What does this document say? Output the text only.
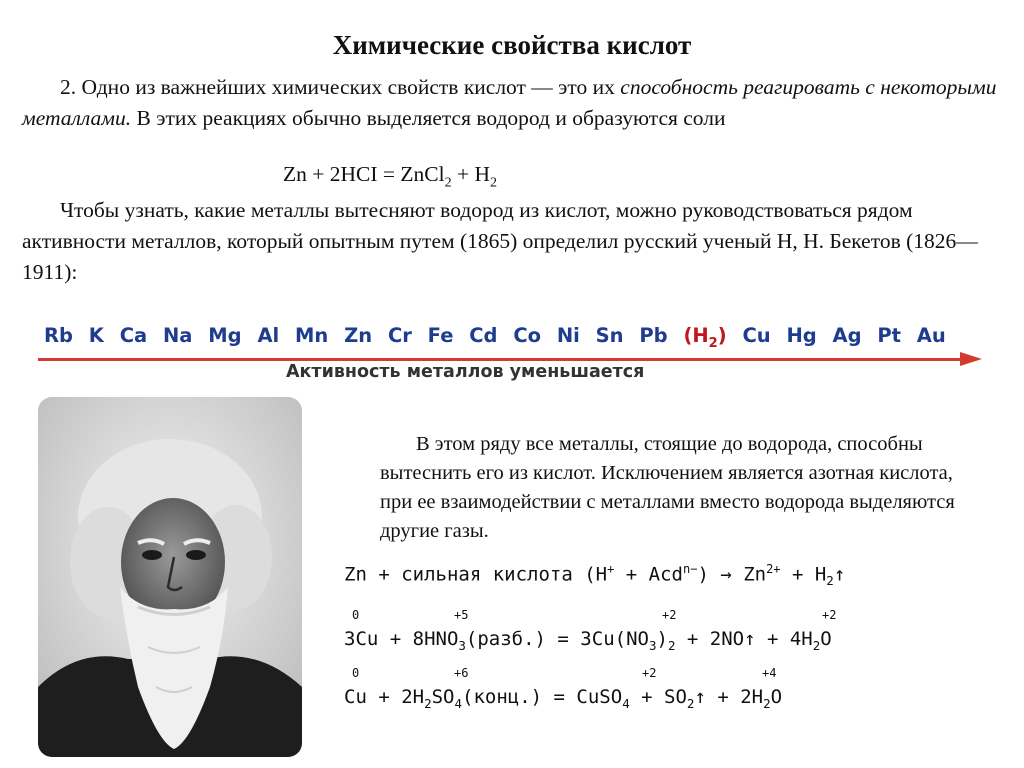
Химические свойства кислот
2. Одно из важнейших химических свойств кислот — это их способность реагировать с некоторыми металлами. В этих реакциях обычно выделяется водород и образуются соли
Zn + 2HCI = ZnCl$_2$ + $H_2$
Чтобы узнать, какие металлы вытесняют водород из кислот, можно руководствоваться рядом активности металлов, который опытным путем (1865) определил русский ученый Н, Н. Бекетов (1826—1911):
Rb K Ca Na Mg Al Mn Zn Cr Fe Cd Co Ni Sn Pb $(H_2)$ Cu Hg Ag Pt Au
Активность металлов уменьшается
В этом ряду все металлы, стоящие до водорода, способны вытеснить его из кислот. Исключением является азотная кислота, при ее взаимодействии с металлами вместо водорода выделяются другие газы.
Zn + сильная кислота $(H^+ + Acd^{n-}) \to Zn^{2+}$ + $H_2↑$
0	+5	+2	+2
$3Cu + 8HNO_3(разб.) = 3Cu(NO_3)_2$ + 2NO↑ + $4H_2O$
0	+6	+2	+4
$Cu + 2H_2SO_4(конц.)$ = CuSO$_4$ + $SO_2↑ + 2H_2O$
